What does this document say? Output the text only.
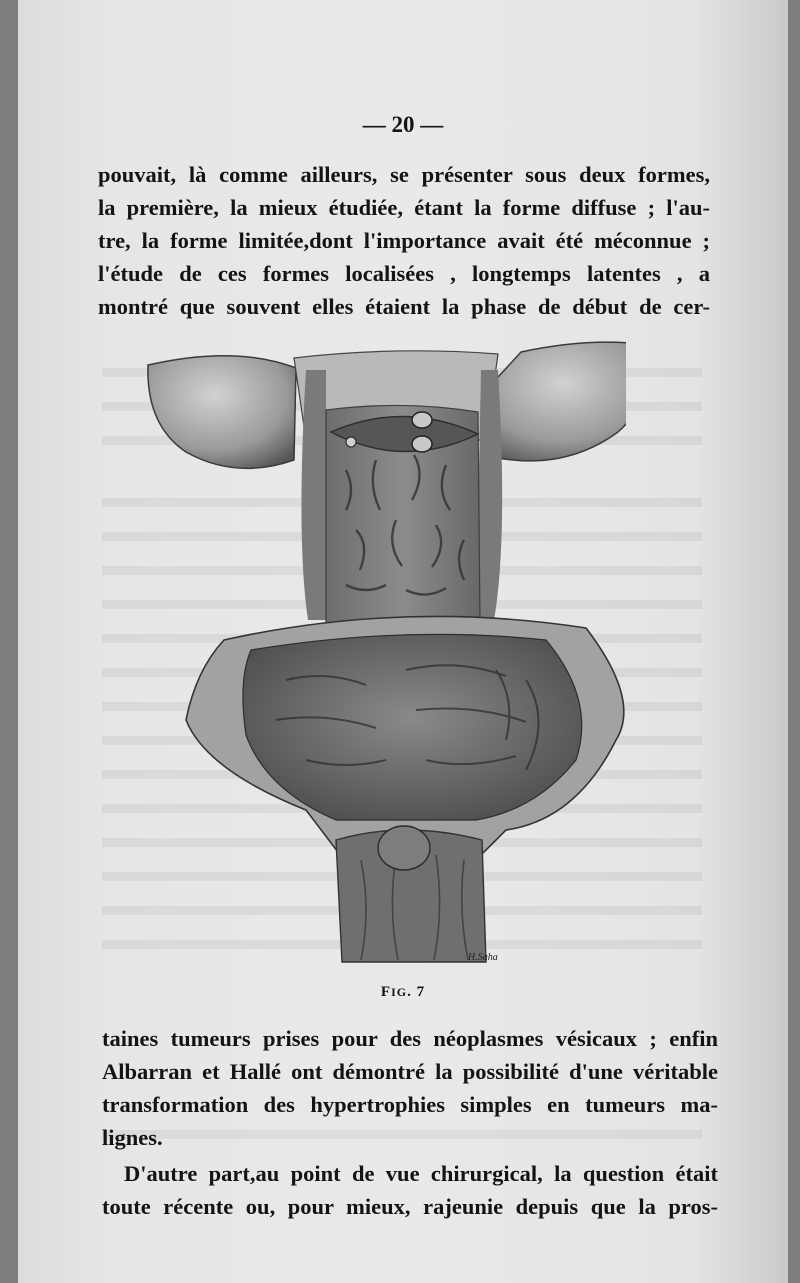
— 20 —
pouvait, là comme ailleurs, se présenter sous deux formes,
la première, la mieux étudiée, étant la forme diffuse ; l'au-
tre, la forme limitée,dont l'importance avait été méconnue ;
l'étude de ces formes localisées , longtemps latentes , a
montré que souvent elles étaient la phase de début de cer-
H.Saha
FIG. 7
taines tumeurs prises pour des néoplasmes vésicaux ; enfin
Albarran et Hallé ont démontré la possibilité d'une véritable
transformation des hypertrophies simples en tumeurs ma-
lignes.
D'autre part,au point de vue chirurgical, la question était
toute récente ou, pour mieux, rajeunie depuis que la pros-
